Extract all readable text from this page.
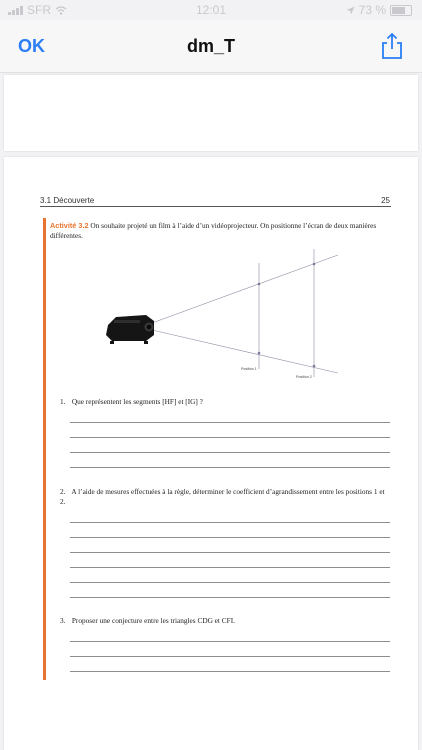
SFR	12:01	73 %
OK	dm_T
3.1 Découverte	25
Activité 3.2 On souhaite projeté un film à l’aide d’un vidéoprojecteur. On positionne l’écran de deux manières différentes.
Position 1
Position 2
1. Que représentent les segments [HF] et [IG] ?
2. A l’aide de mesures effectuées à la règle, déterminer le coefficient d’agrandissement entre les positions 1 et 2.
3. Proposer une conjecture entre les triangles CDG et CFI.
